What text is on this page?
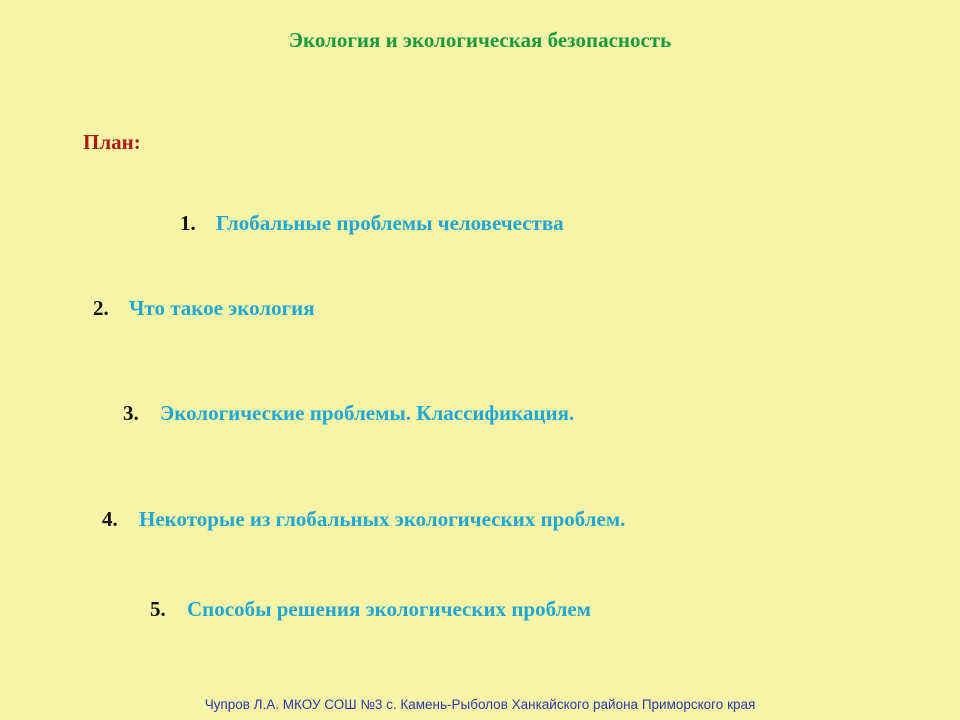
Экология и экологическая безопасность
План:
1. Глобальные проблемы человечества
2. Что такое экология
3. Экологические проблемы. Классификация.
4. Некоторые из глобальных экологических проблем.
5. Способы решения экологических проблем
Чупров Л.А. МКОУ СОШ №3 с. Камень-Рыболов Ханкайского района Приморского края
